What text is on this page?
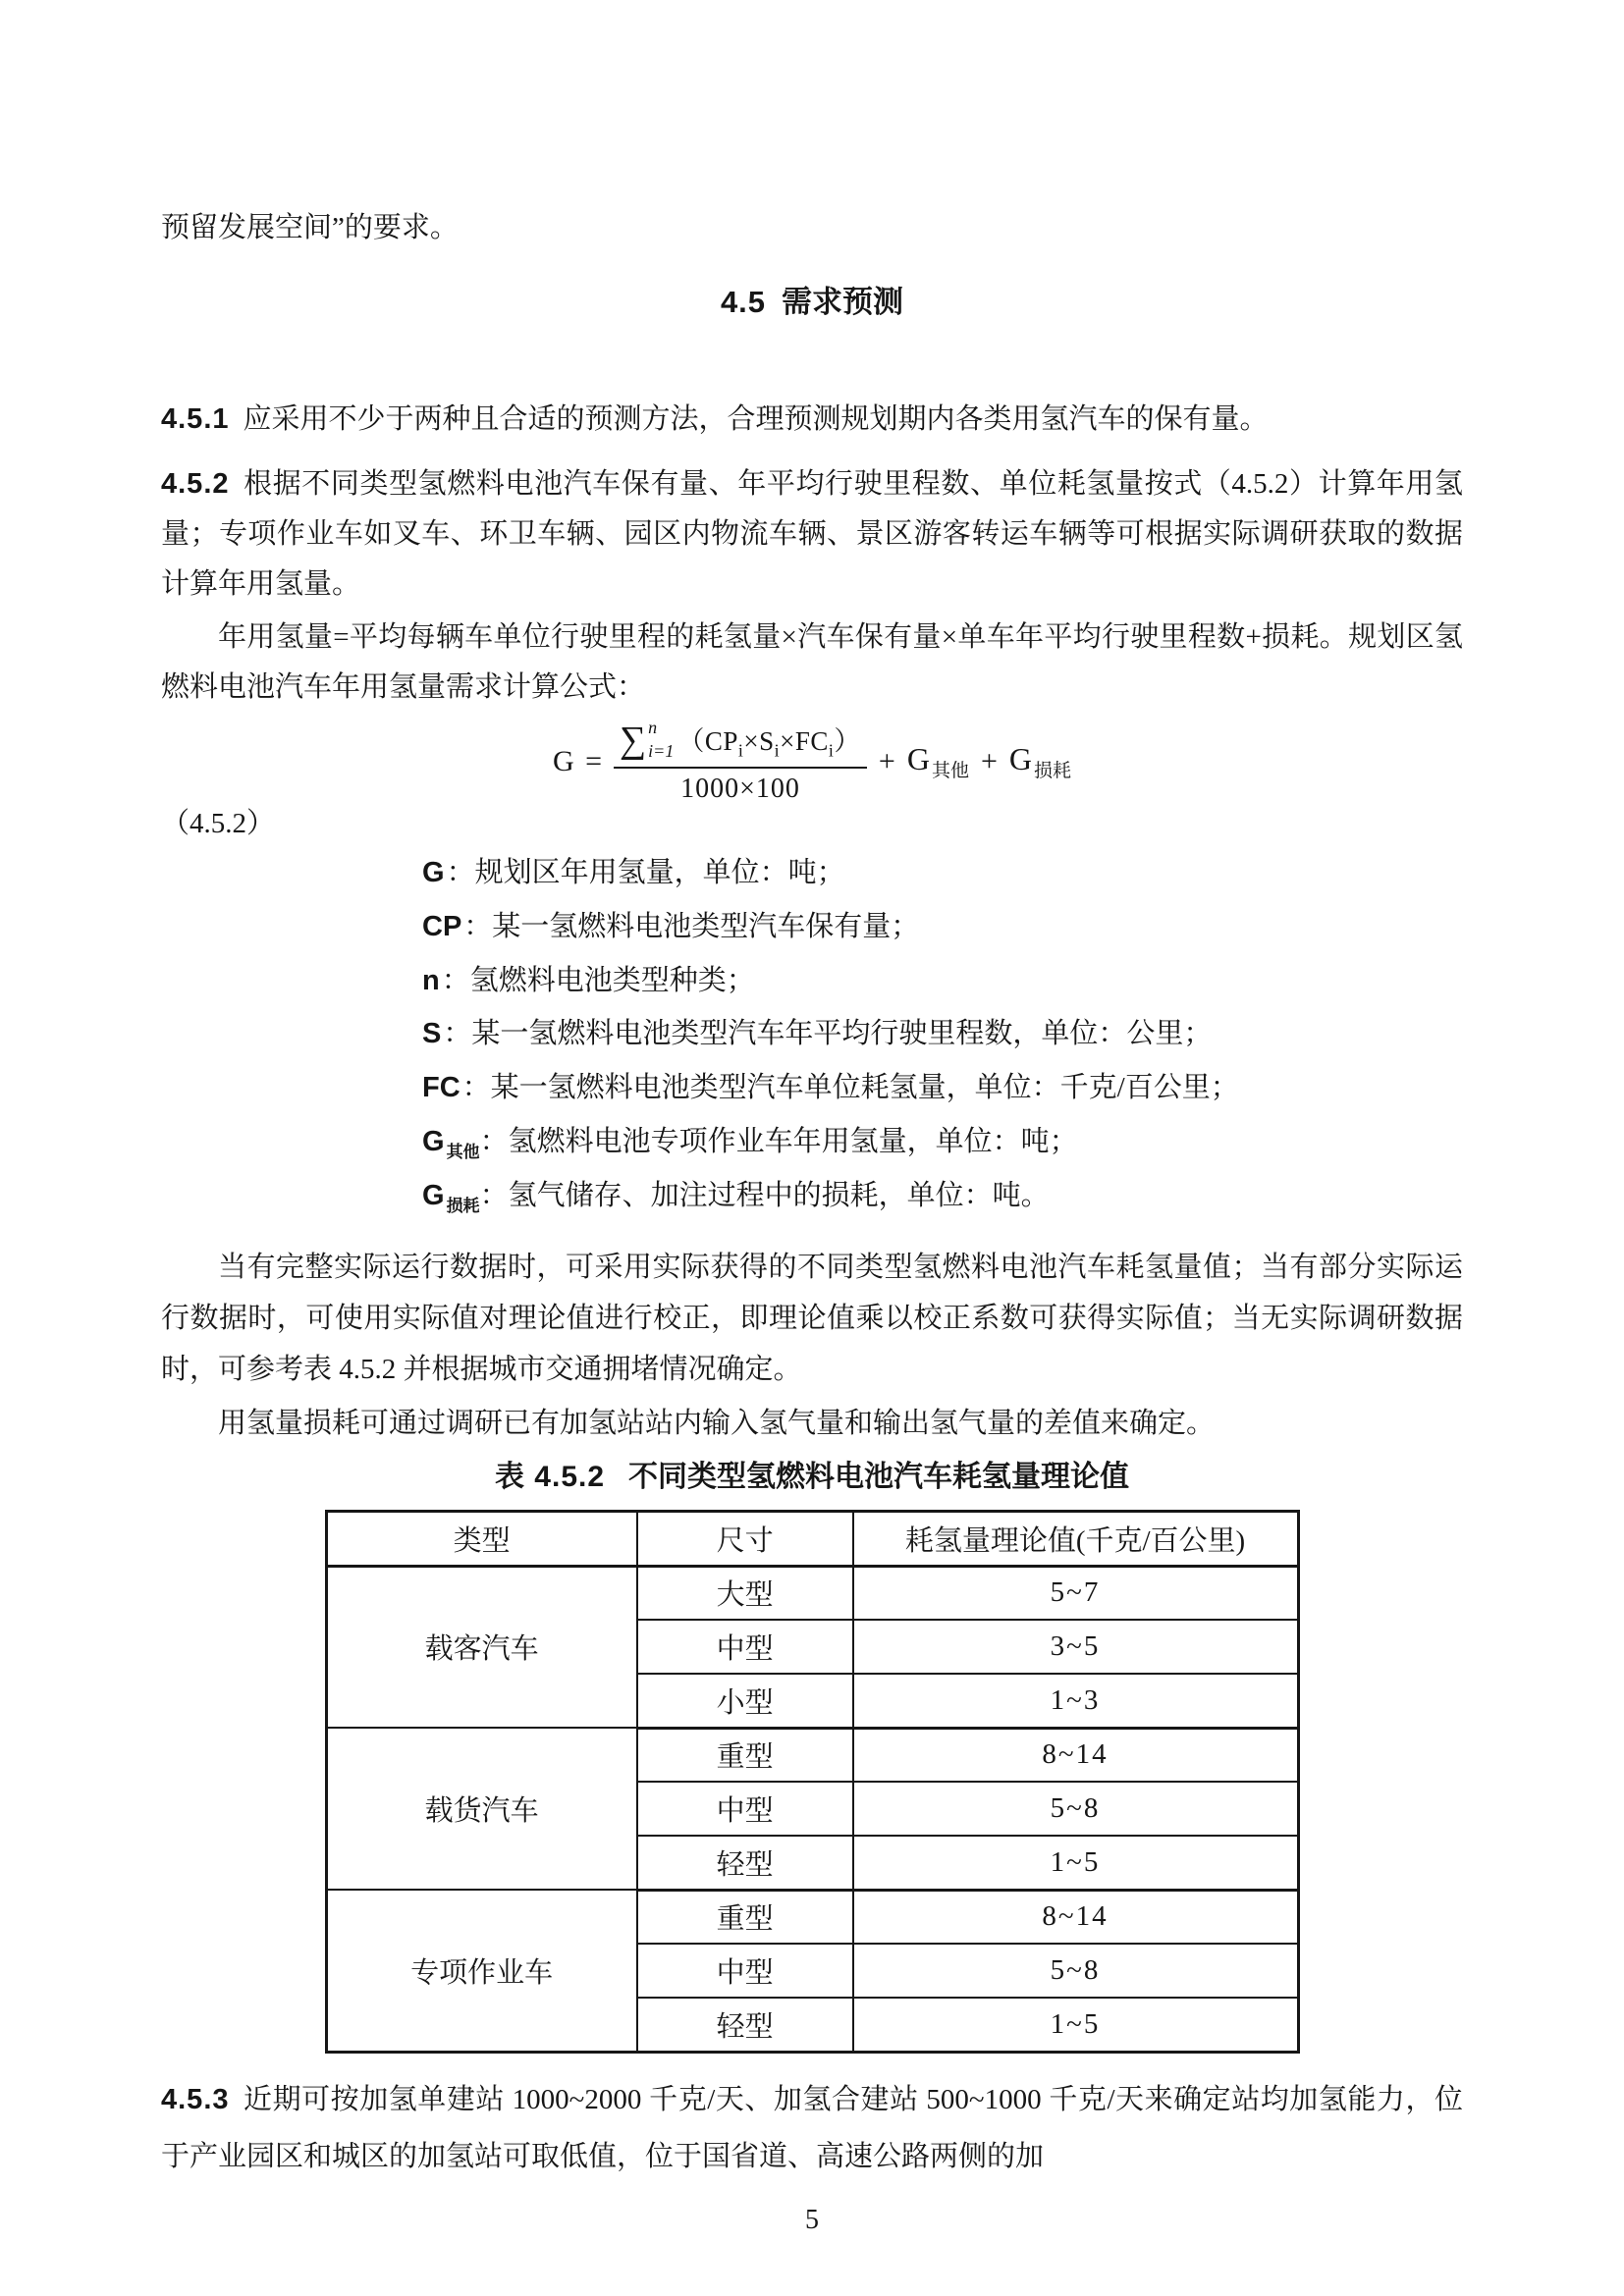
预留发展空间”的要求。

4.5 需求预测

4.5.1 应采用不少于两种且合适的预测方法，合理预测规划期内各类用氢汽车的保有量。

4.5.2 根据不同类型氢燃料电池汽车保有量、年平均行驶里程数、单位耗氢量按式（4.5.2）计算年用氢量；专项作业车如叉车、环卫车辆、园区内物流车辆、景区游客转运车辆等可根据实际调研获取的数据计算年用氢量。

年用氢量=平均每辆车单位行驶里程的耗氢量×汽车保有量×单车年平均行驶里程数+损耗。规划区氢燃料电池汽车年用氢量需求计算公式：

G = ∑ n
i=1 $(CP_i\times S_i\times FC_i)$
1000×100 + G $_{其他}$ + G $_{损耗}$

（4.5.2）

G：规划区年用氢量，单位：吨；
CP：某一氢燃料电池类型汽车保有量；
n：氢燃料电池类型种类；
S：某一氢燃料电池类型汽车年平均行驶里程数，单位：公里；
FC：某一氢燃料电池类型汽车单位耗氢量，单位：千克/百公里；
G $_{其他}$：氢燃料电池专项作业车年用氢量，单位：吨；
G $_{损耗}$：氢气储存、加注过程中的损耗，单位：吨。

当有完整实际运行数据时，可采用实际获得的不同类型氢燃料电池汽车耗氢量值；当有部分实际运行数据时，可使用实际值对理论值进行校正，即理论值乘以校正系数可获得实际值；当无实际调研数据时，可参考表 4.5.2 并根据城市交通拥堵情况确定。

用氢量损耗可通过调研已有加氢站站内输入氢气量和输出氢气量的差值来确定。

表 4.5.2 不同类型氢燃料电池汽车耗氢量理论值
类型	尺寸	耗氢量理论值(千克/百公里)
载客汽车	大型	5~7
	中型	3~5
	小型	1~3
载货汽车	重型	8~14
	中型	5~8
	轻型	1~5
专项作业车	重型	8~14
	中型	5~8
	轻型	1~5

4.5.3 近期可按加氢单建站 1000~2000 千克/天、加氢合建站 500~1000 千克/天来确定站均加氢能力，位于产业园区和城区的加氢站可取低值，位于国省道、高速公路两侧的加

5
